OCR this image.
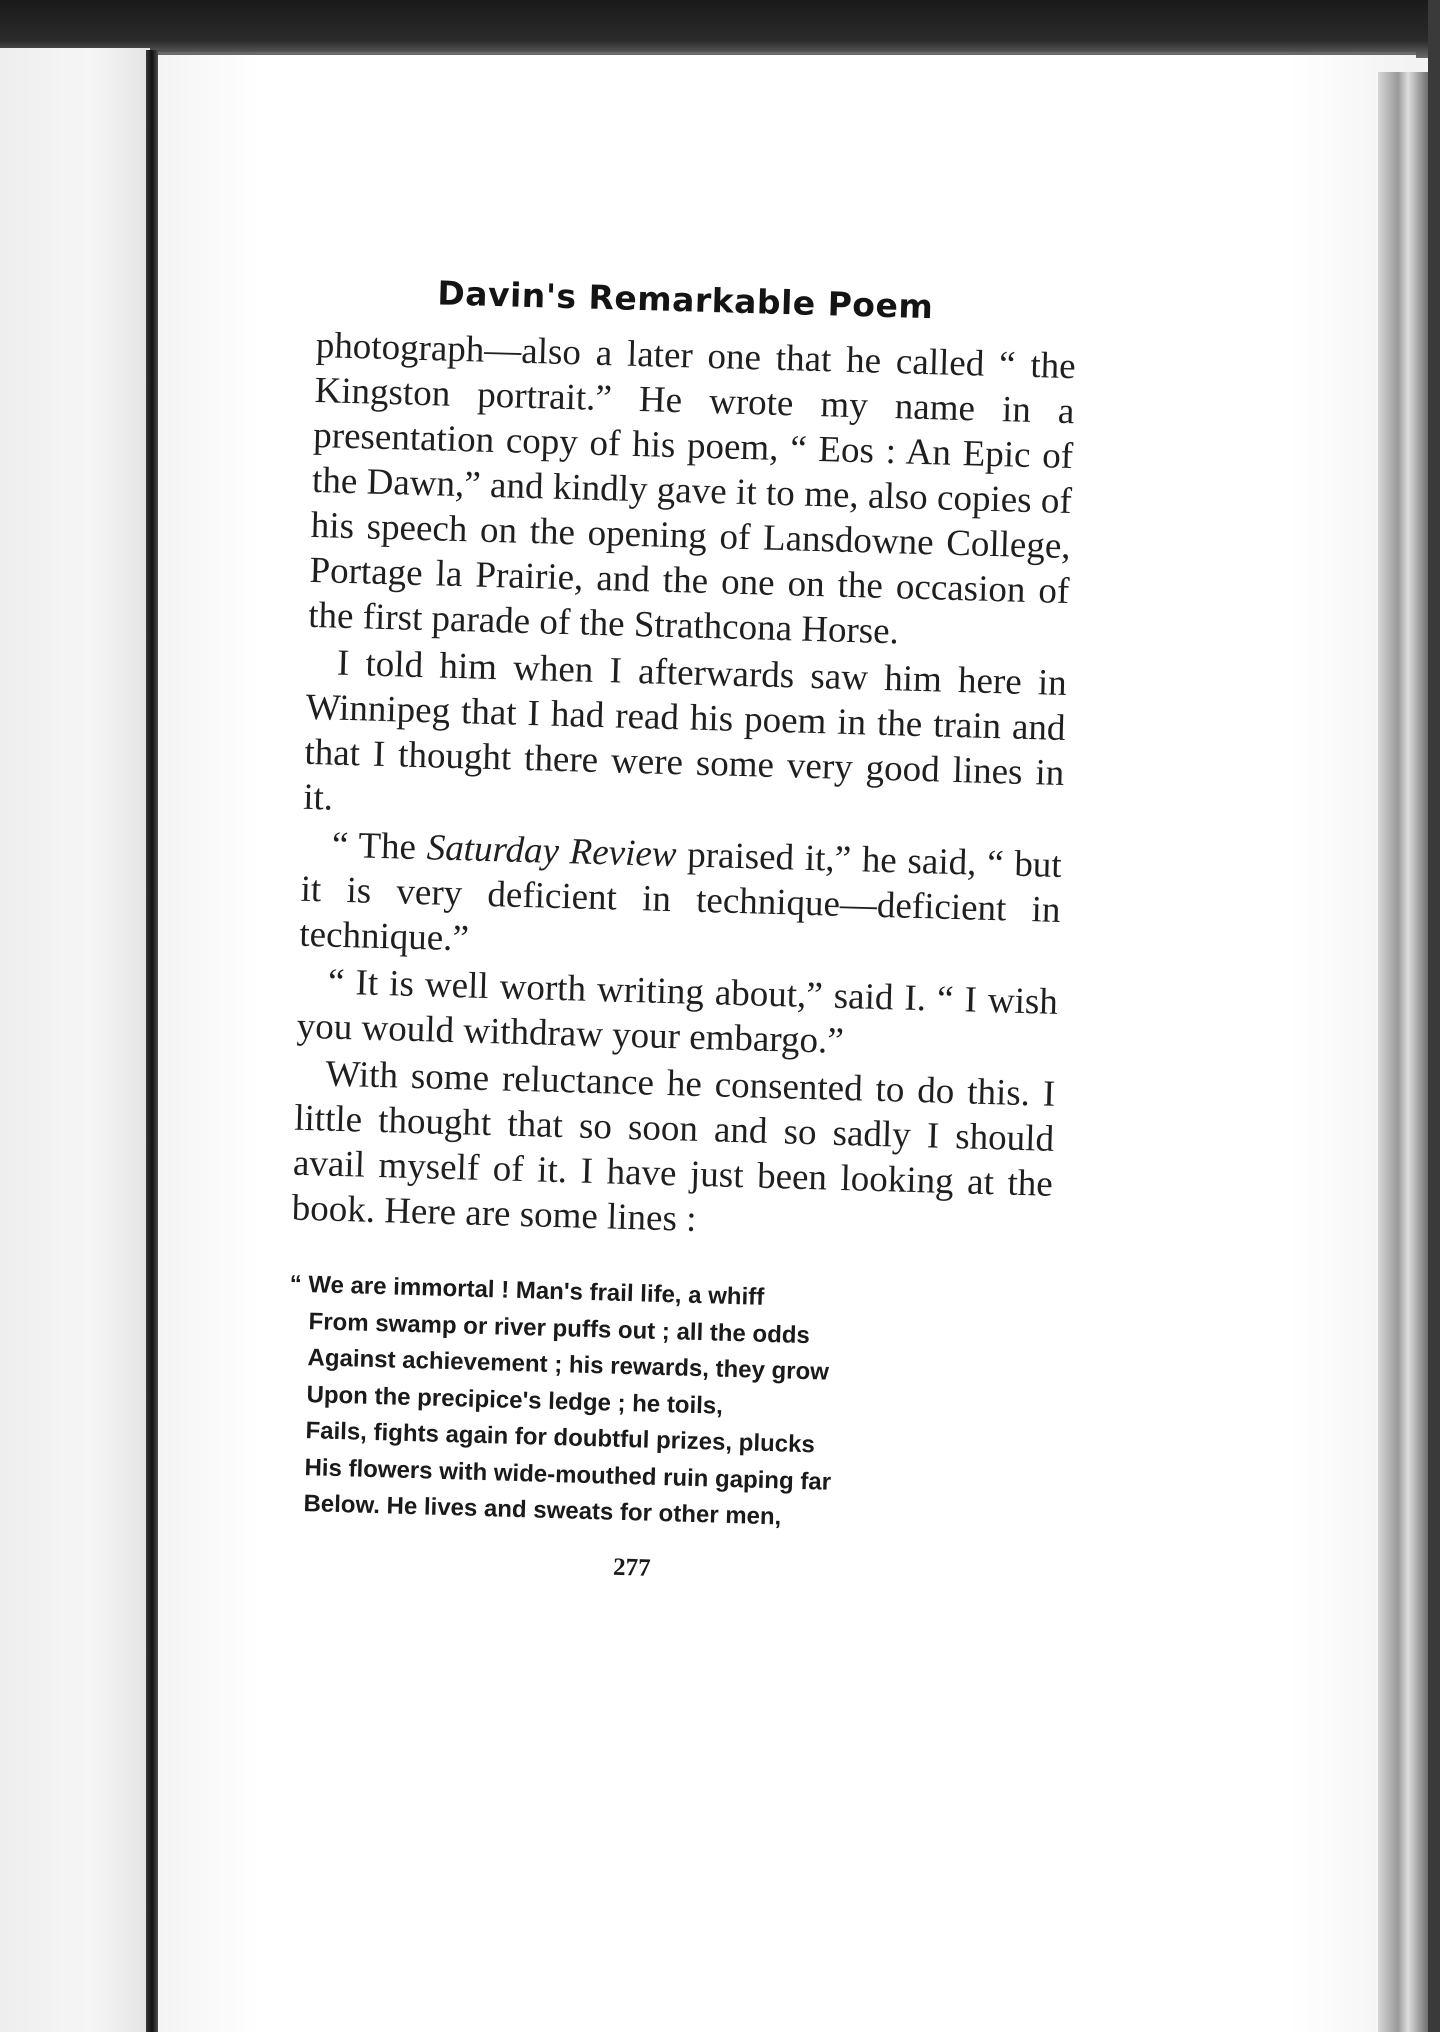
Davin's Remarkable Poem

photograph—also a later one that he called “ the Kingston portrait.” He wrote my name in a presentation copy of his poem, “ Eos : An Epic of the Dawn,” and kindly gave it to me, also copies of his speech on the opening of Lansdowne College, Portage la Prairie, and the one on the occasion of the first parade of the Strathcona Horse.

I told him when I afterwards saw him here in Winnipeg that I had read his poem in the train and that I thought there were some very good lines in it.

“ The Saturday Review praised it,” he said, “ but it is very deficient in technique—deficient in technique.”

“ It is well worth writing about,” said I. “ I wish you would withdraw your embargo.”

With some reluctance he consented to do this. I little thought that so soon and so sadly I should avail myself of it. I have just been looking at the book. Here are some lines :

“ We are immortal ! Man's frail life, a whiff
From swamp or river puffs out ; all the odds
Against achievement ; his rewards, they grow
Upon the precipice's ledge ; he toils,
Fails, fights again for doubtful prizes, plucks
His flowers with wide-mouthed ruin gaping far
Below. He lives and sweats for other men,
277
